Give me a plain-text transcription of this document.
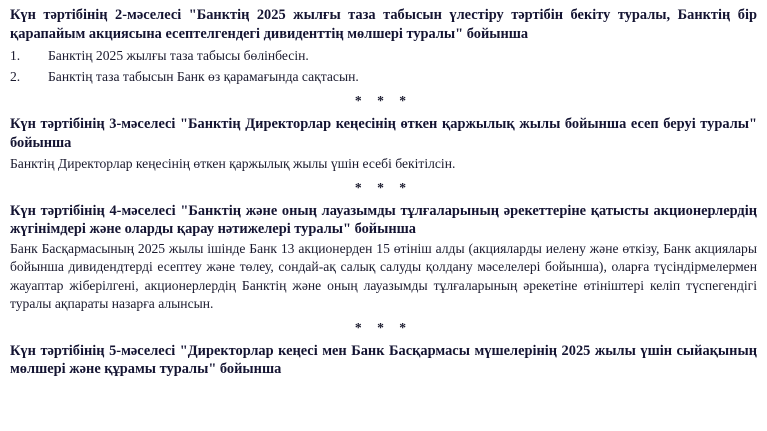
Күн тәртібінің 2-мәселесі "Банктің 2025 жылғы таза табысын үлестіру тәртібін бекіту туралы, Банктің бір қарапайым акциясына есептелгендегі дивиденттің мөлшері туралы" бойынша

1.	Банктің 2025 жылғы таза табысы бөлінбесін.
2.	Банктің таза табысын Банк өз қарамағында сақтасын.
* * *

Күн тәртібінің 3-мәселесі "Банктің Директорлар кеңесінің өткен қаржылық жылы бойынша есеп беруі туралы" бойынша

Банктің Директорлар кеңесінің өткен қаржылық жылы үшін есебі бекітілсін.

* * *

Күн тәртібінің 4-мәселесі "Банктің және оның лауазымды тұлғаларының әрекеттеріне қатысты акционерлердің жүгінімдері және оларды қарау нәтижелері туралы" бойынша

Банк Басқармасының 2025 жылы ішінде Банк 13 акционерден 15 өтініш алды (акцияларды иелену және өткізу, Банк акциялары бойынша дивидендтерді есептеу және төлеу, сондай-ақ салық салуды қолдану мәселелері бойынша), оларға түсіндірмелермен жауаптар жіберілгені, акционерлердің Банктің және оның лауазымды тұлғаларының әрекетіне өтініштері келіп түспегендігі туралы ақпараты назарға алынсын.

* * *

Күн тәртібінің 5-мәселесі "Директорлар кеңесі мен Банк Басқармасы мүшелерінің 2025 жылы үшін сыйақының мөлшері және құрамы туралы" бойынша
